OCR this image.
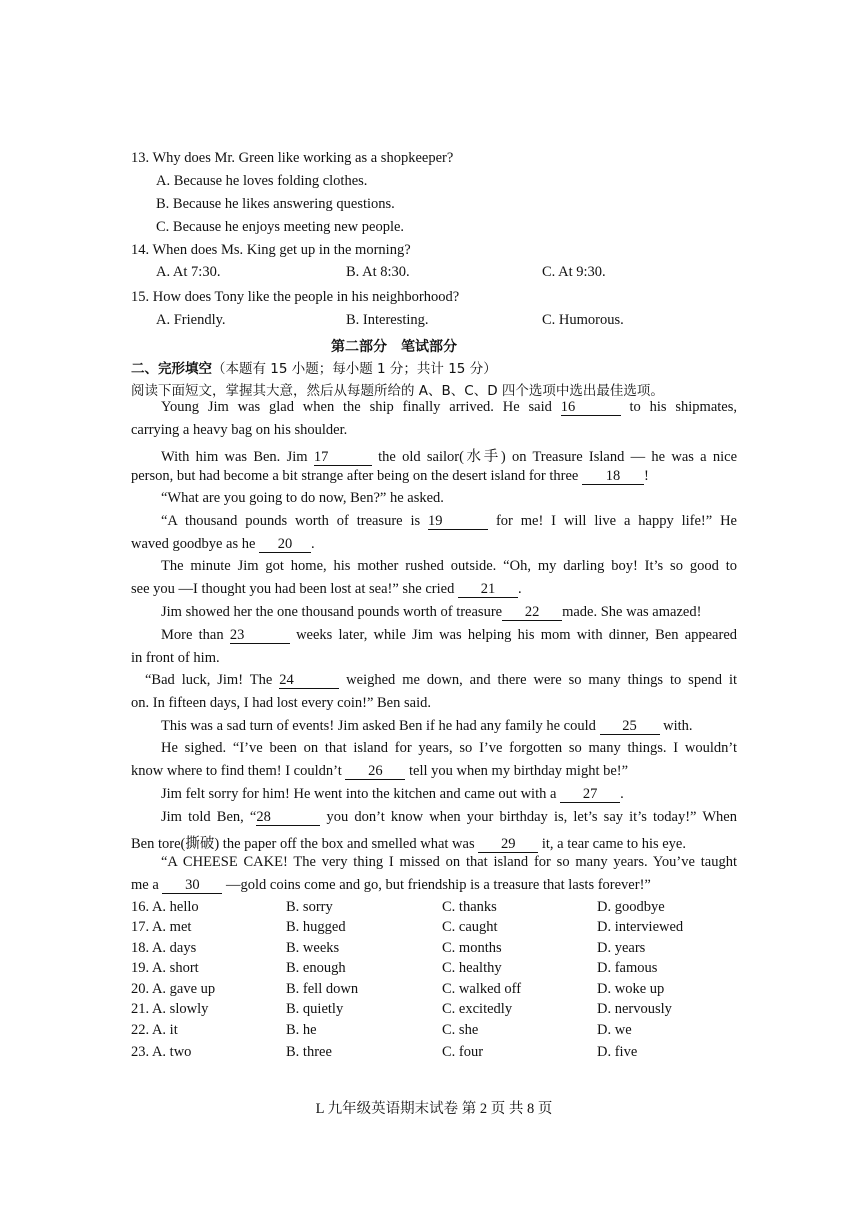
13. Why does Mr. Green like working as a shopkeeper?
A. Because he loves folding clothes.
B. Because he likes answering questions.
C. Because he enjoys meeting new people.
14. When does Ms. King get up in the morning?
A. At 7:30.	B. At 8:30.	C. At 9:30.
15. How does Tony like the people in his neighborhood?
A. Friendly.	B. Interesting.	C. Humorous.
第二部分　笔试部分
二、完形填空（本题有 15 小题；每小题 1 分；共计 15 分）
阅读下面短文，掌握其大意，然后从每题所给的 A、B、C、D 四个选项中选出最佳选项。
Young Jim was glad when the ship finally arrived. He said 16	to his shipmates,
carrying a heavy bag on his shoulder.
With him was Ben. Jim 17	the old sailor(水手) on Treasure Island — he was a nice
person, but had become a bit strange after being on the desert island for three 18 !
“What are you going to do now, Ben?” he asked.
“A thousand pounds worth of treasure is 19	for me! I will live a happy life!” He
waved goodbye as he 20 .
The minute Jim got home, his mother rushed outside. “Oh, my darling boy! It’s so good to
see you —I thought you had been lost at sea!” she cried 21 .
Jim showed her the one thousand pounds worth of treasure 22 made. She was amazed!
More than 23	weeks later, while Jim was helping his mom with dinner, Ben appeared
in front of him.
“Bad luck, Jim! The 24	weighed me down, and there were so many things to spend it
on. In fifteen days, I had lost every coin!” Ben said.
This was a sad turn of events! Jim asked Ben if he had any family he could 25 with.
He sighed. “I’ve been on that island for years, so I’ve forgotten so many things. I wouldn’t
know where to find them! I couldn’t 26 tell you when my birthday might be!”
Jim felt sorry for him! He went into the kitchen and came out with a 27 .
Jim told Ben, “28	you don’t know when your birthday is, let’s say it’s today!” When
Ben tore(撕破) the paper off the box and smelled what was 29 it, a tear came to his eye.
“A CHEESE CAKE! The very thing I missed on that island for so many years. You’ve taught
me a 30 —gold coins come and go, but friendship is a treasure that lasts forever!”
16. A. hello	B. sorry	C. thanks	D. goodbye
17. A. met	B. hugged	C. caught	D. interviewed
18. A. days	B. weeks	C. months	D. years
19. A. short	B. enough	C. healthy	D. famous
20. A. gave up	B. fell down	C. walked off	D. woke up
21. A. slowly	B. quietly	C. excitedly	D. nervously
22. A. it	B. he	C. she	D. we
23. A. two	B. three	C. four	D. five
L 九年级英语期末试卷 第 2 页 共 8 页
